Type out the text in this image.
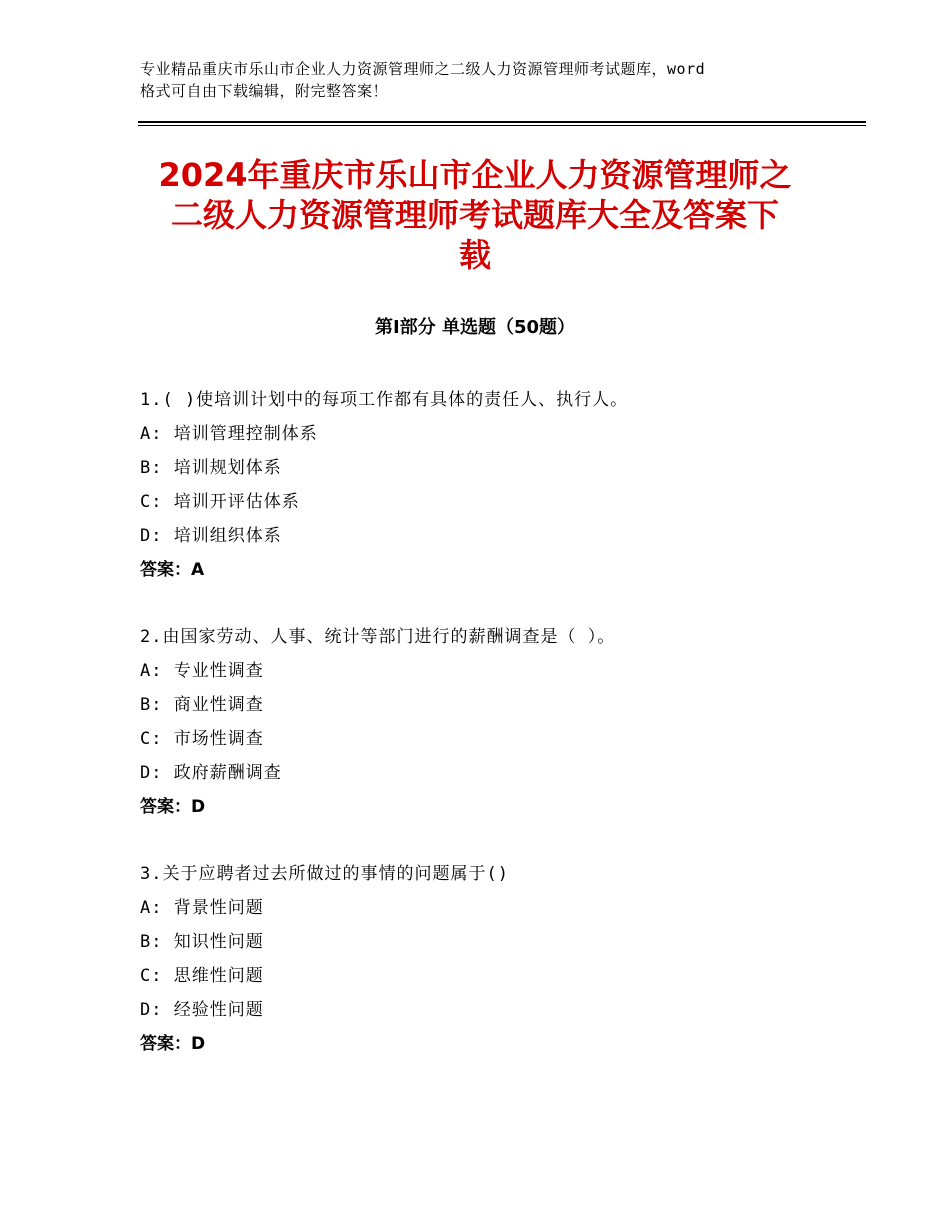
专业精品重庆市乐山市企业人力资源管理师之二级人力资源管理师考试题库，word
格式可自由下载编辑，附完整答案！
2024年重庆市乐山市企业人力资源管理师之
二级人力资源管理师考试题库大全及答案下
载
第Ⅰ部分 单选题（50题）
1.( )使培训计划中的每项工作都有具体的责任人、执行人。
A: 培训管理控制体系
B: 培训规划体系
C: 培训开评估体系
D: 培训组织体系
答案：A
2.由国家劳动、人事、统计等部门进行的薪酬调查是（ ）。
A: 专业性调查
B: 商业性调查
C: 市场性调查
D: 政府薪酬调查
答案：D
3.关于应聘者过去所做过的事情的问题属于()
A: 背景性问题
B: 知识性问题
C: 思维性问题
D: 经验性问题
答案：D
